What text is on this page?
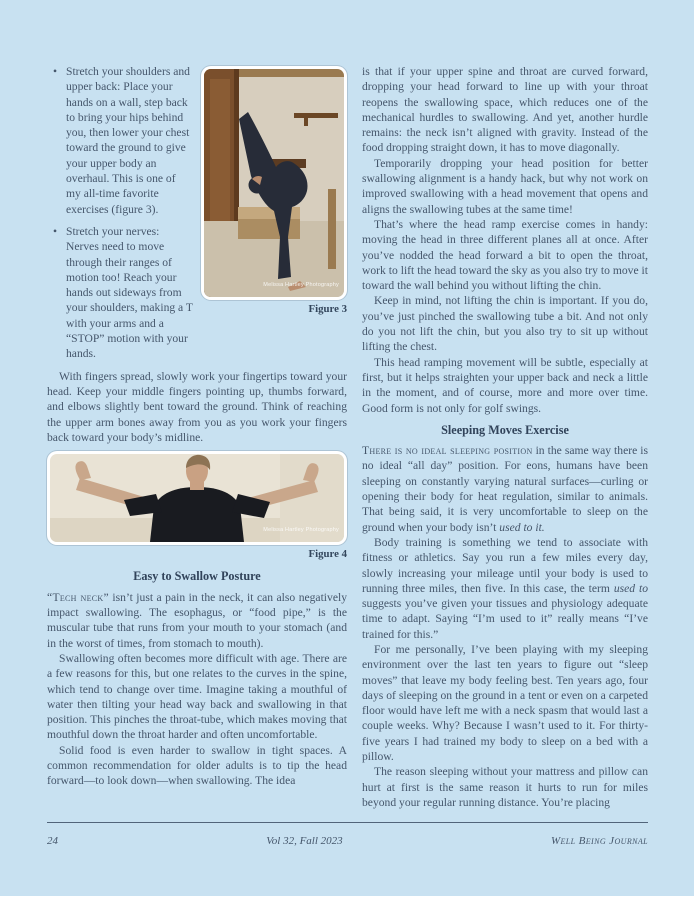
Melissa Hartley Photography
Figure 3
• Stretch your shoulders and upper back: Place your hands on a wall, step back to bring your hips behind you, then lower your chest toward the ground to give your upper body an overhaul. This is one of my all-time favorite exercises (figure 3).
• Stretch your nerves: Nerves need to move through their ranges of motion too! Reach your hands out sideways from your shoulders, making a T with your arms and a “STOP” motion with your hands.

With fingers spread, slowly work your fingertips toward your head. Keep your middle fingers pointing up, thumbs forward, and elbows slightly bent toward the ground. Think of reaching the upper arm bones away from you as you work your fingers back toward your body’s midline.

Melissa Hartley Photography
Figure 4
Easy to Swallow Posture

“Tech neck” isn’t just a pain in the neck, it can also negatively impact swallowing. The esophagus, or “food pipe,” is the muscular tube that runs from your mouth to your stomach (and in the worst of times, from stomach to mouth).

Swallowing often becomes more difficult with age. There are a few reasons for this, but one relates to the curves in the spine, which tend to change over time. Imagine taking a mouthful of water then tilting your head way back and swallowing in that position. This pinches the throat-tube, which makes moving that mouthful down the throat harder and often uncomfortable.

Solid food is even harder to swallow in tight spaces. A common recommendation for older adults is to tip the head forward—to look down—when swallowing. The idea

is that if your upper spine and throat are curved forward, dropping your head forward to line up with your throat reopens the swallowing space, which reduces one of the mechanical hurdles to swallowing. And yet, another hurdle remains: the neck isn’t aligned with gravity. Instead of the food dropping straight down, it has to move diagonally.

Temporarily dropping your head position for better swallowing alignment is a handy hack, but why not work on improved swallowing with a head movement that opens and aligns the swallowing tubes at the same time!

That’s where the head ramp exercise comes in handy: moving the head in three different planes all at once. After you’ve nodded the head forward a bit to open the throat, work to lift the head toward the sky as you also try to move it toward the wall behind you without lifting the chin.

Keep in mind, not lifting the chin is important. If you do, you’ve just pinched the swallowing tube a bit. And not only do you not lift the chin, but you also try to sit up without lifting the chest.

This head ramping movement will be subtle, especially at first, but it helps straighten your upper back and neck a little in the moment, and of course, more and more over time. Good form is not only for golf swings.

Sleeping Moves Exercise

There is no ideal sleeping position in the same way there is no ideal “all day” position. For eons, humans have been sleeping on constantly varying natural surfaces—curling or opening their body for heat regulation, similar to animals. That being said, it is very uncomfortable to sleep on the ground when your body isn’t used to it.

Body training is something we tend to associate with fitness or athletics. Say you run a few miles every day, slowly increasing your mileage until your body is used to running three miles, then five. In this case, the term used to suggests you’ve given your tissues and physiology adequate time to adapt. Saying “I’m used to it” really means “I’ve trained for this.”

For me personally, I’ve been playing with my sleeping environment over the last ten years to figure out “sleep moves” that leave my body feeling best. Ten years ago, four days of sleeping on the ground in a tent or even on a carpeted floor would have left me with a neck spasm that would last a couple weeks. Why? Because I wasn’t used to it. For thirty-five years I had trained my body to sleep on a bed with a pillow.

The reason sleeping without your mattress and pillow can hurt at first is the same reason it hurts to run for miles beyond your regular running distance. You’re placing

24	Vol 32, Fall 2023	Well Being Journal
